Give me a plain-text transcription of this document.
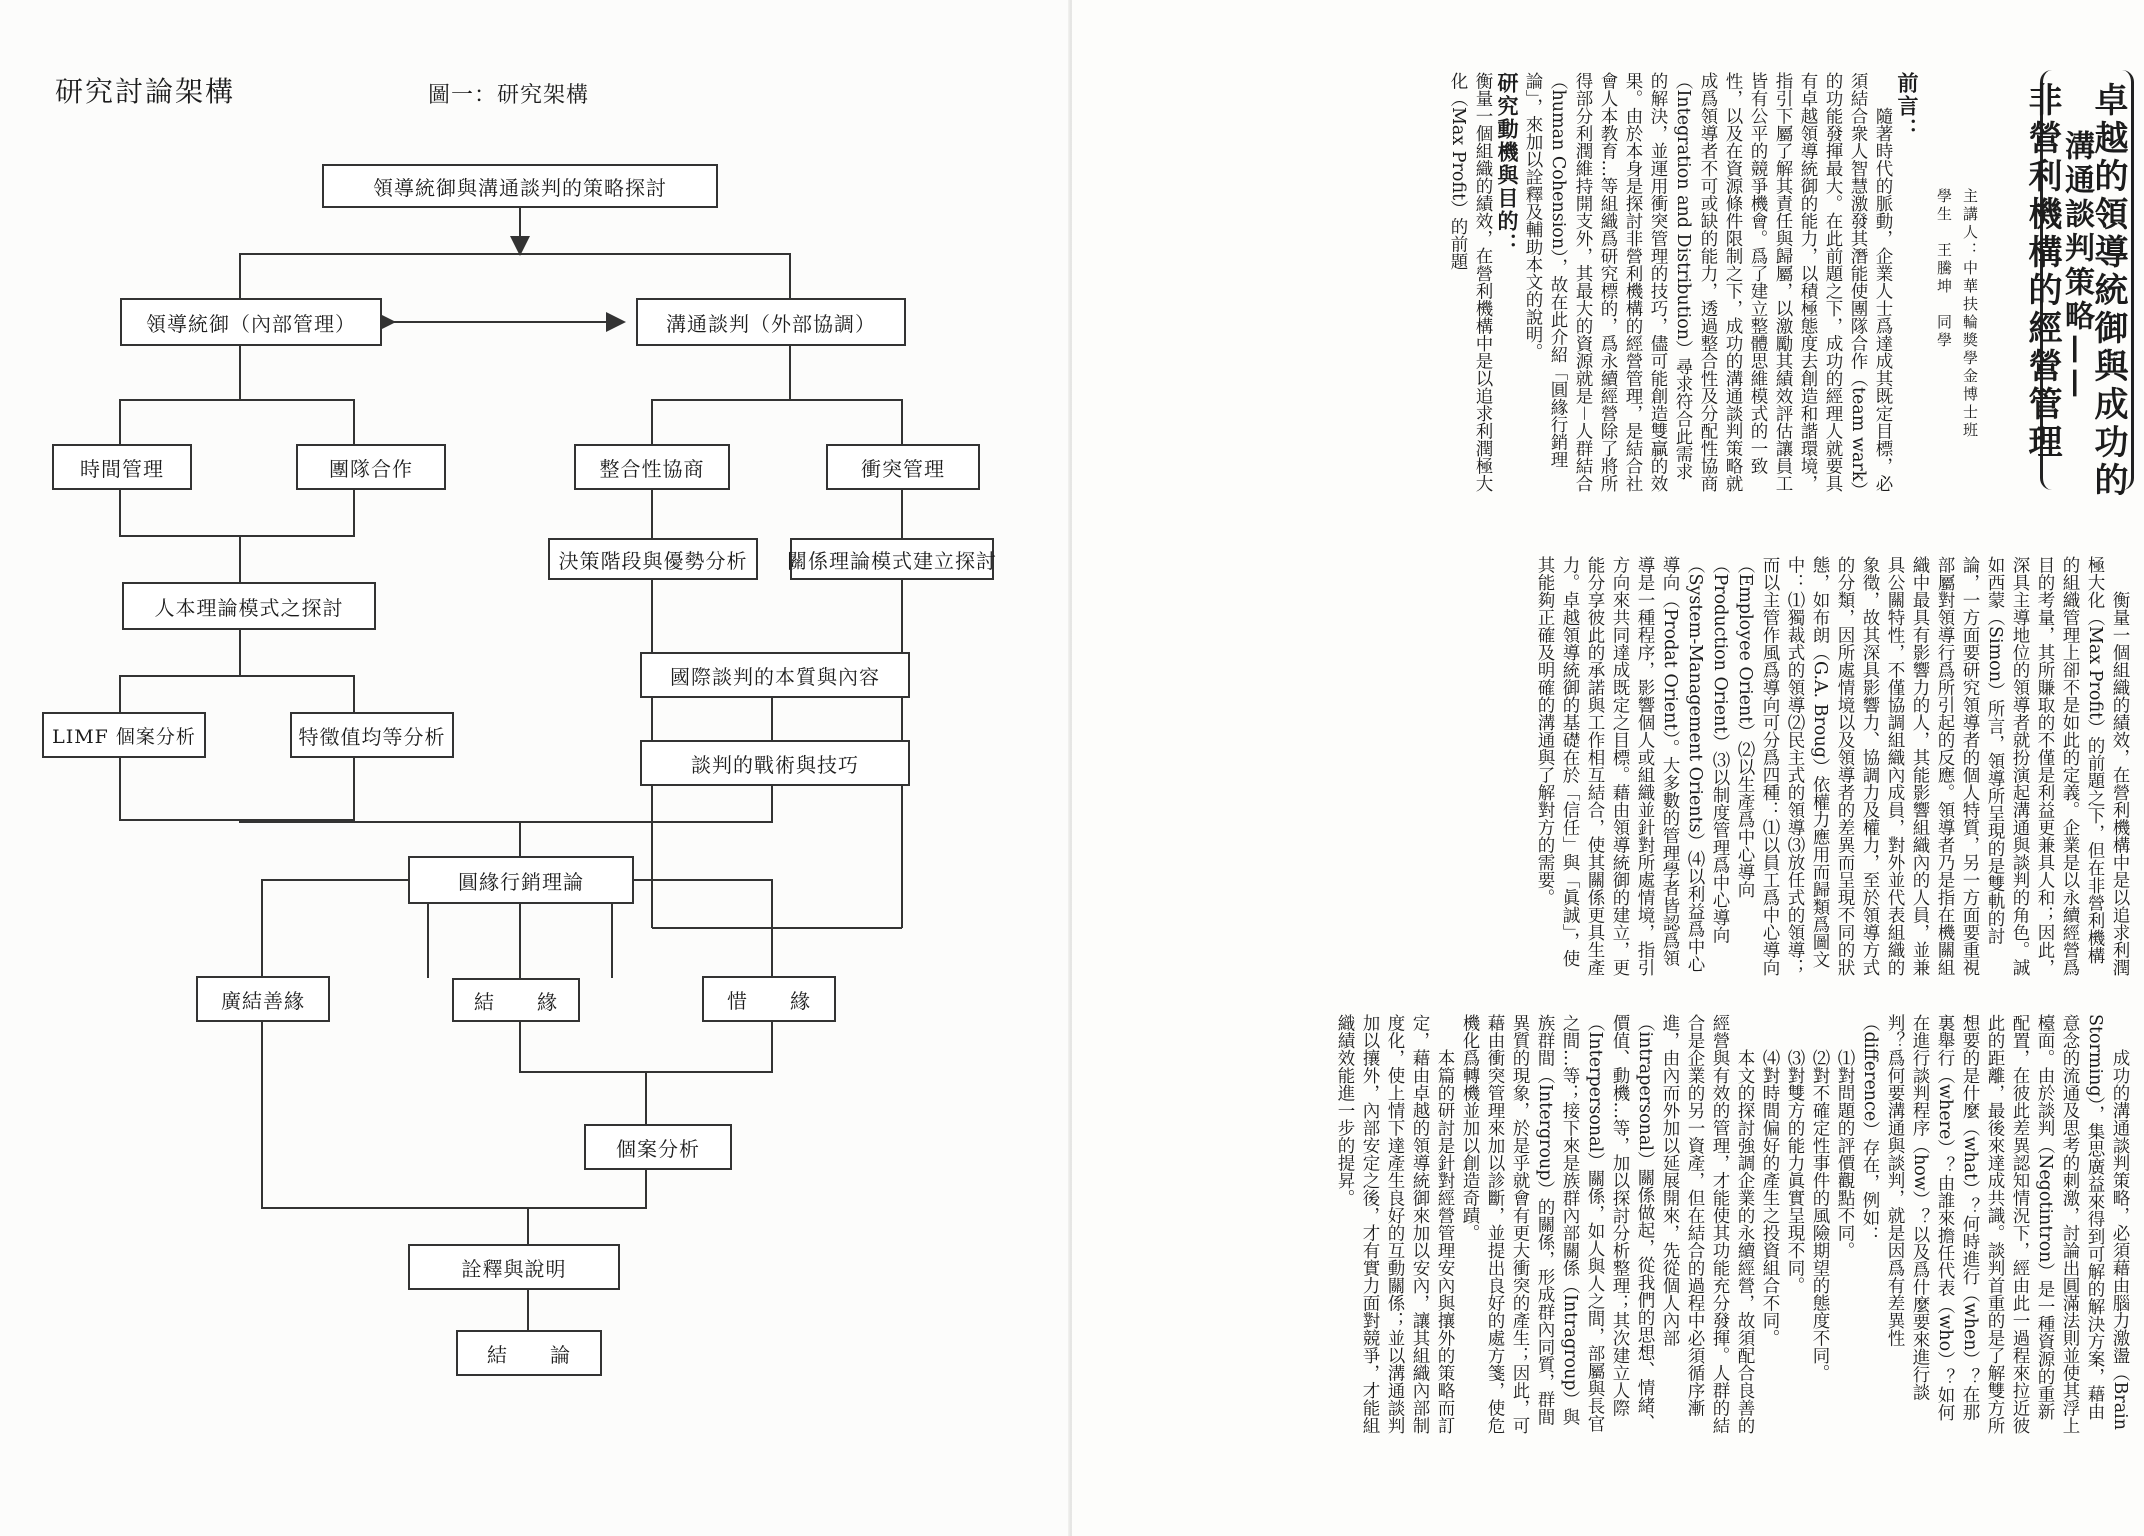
研究討論架構	圖一：研究架構
領導統御與溝通談判的策略探討
領導統御（內部管理）	溝通談判（外部協調）
時間管理	團隊合作	整合性協商	衝突管理
決策階段與優勢分析	關係理論模式建立探討
人本理論模式之探討
LIMF 個案分析	特徵值均等分析
國際談判的本質與內容
談判的戰術與技巧
圓緣行銷理論
廣結善緣	結　　緣	惜　　緣
個案分析
詮釋與說明
結　　論
卓越的領導統御與成功的
溝通談判策略——
非營利機構的經營管理
主講人：中華扶輪獎學金博士班
學生　王騰坤　同學
前言：
隨著時代的脈動，企業人士爲達成其既定目標，必須結合衆人智慧激發其潛能使團隊合作（team wark）的功能發揮最大。在此前題之下，成功的經理人就要具有卓越領導統御的能力，以積極態度去創造和諧環境，指引下屬了解其責任與歸屬，以激勵其績效評估讓員工皆有公平的競爭機會。爲了建立整體思維模式的一致性，以及在資源條件限制之下，成功的溝通談判策略就成爲領導者不可或缺的能力，透過整合性及分配性協商（Integration and Distribution）尋求符合此需求的解決，並運用衝突管理的技巧，儘可能創造雙贏的效果。由於本身是探討非營利機構的經營管理，是結合社會人本教育…等組織爲研究標的，爲永續經營除了將所得部分利潤維持開支外，其最大的資源就是－人群結合（human Cohension），故在此介紹「圓緣行銷理論」，來加以詮釋及輔助本文的說明。
研究動機與目的：
衡量一個組織的績效，在營利機構中是以追求利潤極大化（Max Profit）的前題
衡量一個組織的績效，在營利機構中是以追求利潤極大化（Max Profit）的前題之下，但在非營利機構的組織管理上卻不是如此的定義。企業是以永續經營爲目的考量，其所賺取的不僅是利益更兼具人和；因此，深具主導地位的領導者就扮演起溝通與談判的角色。誠如西蒙（Simon）所言，領導所呈現的是雙軌的討論，一方面要研究領導者的個人特質，另一方面要重視部屬對領導行爲所引起的反應。領導者乃是指在機關組織中最具有影響力的人，其能影響組織內的人員，並兼具公關特性，不僅協調組織內成員，對外並代表組織的象徵，故其深具影響力、協調力及權力，至於領導方式的分類，因所處情境以及領導者的差異而呈現不同的狀態，如布朗（G.A. Broug）依權力應用而歸類爲圖文中：⑴獨裁式的領導⑵民主式的領導⑶放任式的領導；而以主管作風爲導向可分爲四種：⑴以員工爲中心導向（Employee Orient）⑵以生產爲中心導向（Production Orient）⑶以制度管理爲中心導向（System-Management Orients）⑷以利益爲中心導向（Prodat Orient）。大多數的管理學者皆認爲領導是一種程序，影響個人或組織並針對所處情境，指引方向來共同達成既定之目標。藉由領導統御的建立，更能分享彼此的承諾與工作相互結合，使其關係更具生產力。卓越領導統御的基礎在於「信任」與「眞誠」，使其能夠正確及明確的溝通與了解對方的需要。
成功的溝通談判策略，必須藉由腦力激盪（Brain Storming），集思廣益來得到可解的解決方案，藉由意念的流通及思考的刺激，討論出圓滿法則並使其浮上檯面。由於談判（Negotintron）是一種資源的重新配置，在彼此差異認知情況下，經由此一過程來拉近彼此的距離，最後來達成共識。談判首重的是了解雙方所想要的是什麼（what）？何時進行（when）？在那裏舉行（where）？由誰來擔任代表（who）？如何在進行談判程序（how）？以及爲什麼要來進行談判？爲何要溝通與談判，就是因爲有差異性（difference）存在，例如：
⑴對問題的評價觀點不同。
⑵對不確定性事件的風險期望的態度不同。
⑶對雙方的能力眞實呈現不同。
⑷對時間偏好的產生之投資組合不同。
本文的探討強調企業的永續經營，故須配合良善的經營與有效的管理，才能使其功能充分發揮。人群的結合是企業的另一資產，但在結合的過程中必須循序漸進，由內而外加以延展開來，先從個人內部（intrapersonal）關係做起，從我們的思想、情緒、價值、動機…等，加以探討分析整理；其次建立人際（Interpersonal）關係，如人與人之間，部屬與長官之間…等；接下來是族群內部關係（Intragroup）與族群間（Intergroup）的關係，形成群內同質，群間異質的現象，於是乎就會有更大衝突的產生；因此，可藉由衝突管理來加以診斷，並提出良好的處方箋，使危機化爲轉機並加以創造奇蹟。
本篇的研討是針對經營管理安內與攘外的策略而訂定，藉由卓越的領導統御來加以安內，讓其組織內部制度化，使上情下達產生良好的互動關係；並以溝通談判加以攘外，內部安定之後，才有實力面對競爭，才能組織績效能進一步的提昇。
